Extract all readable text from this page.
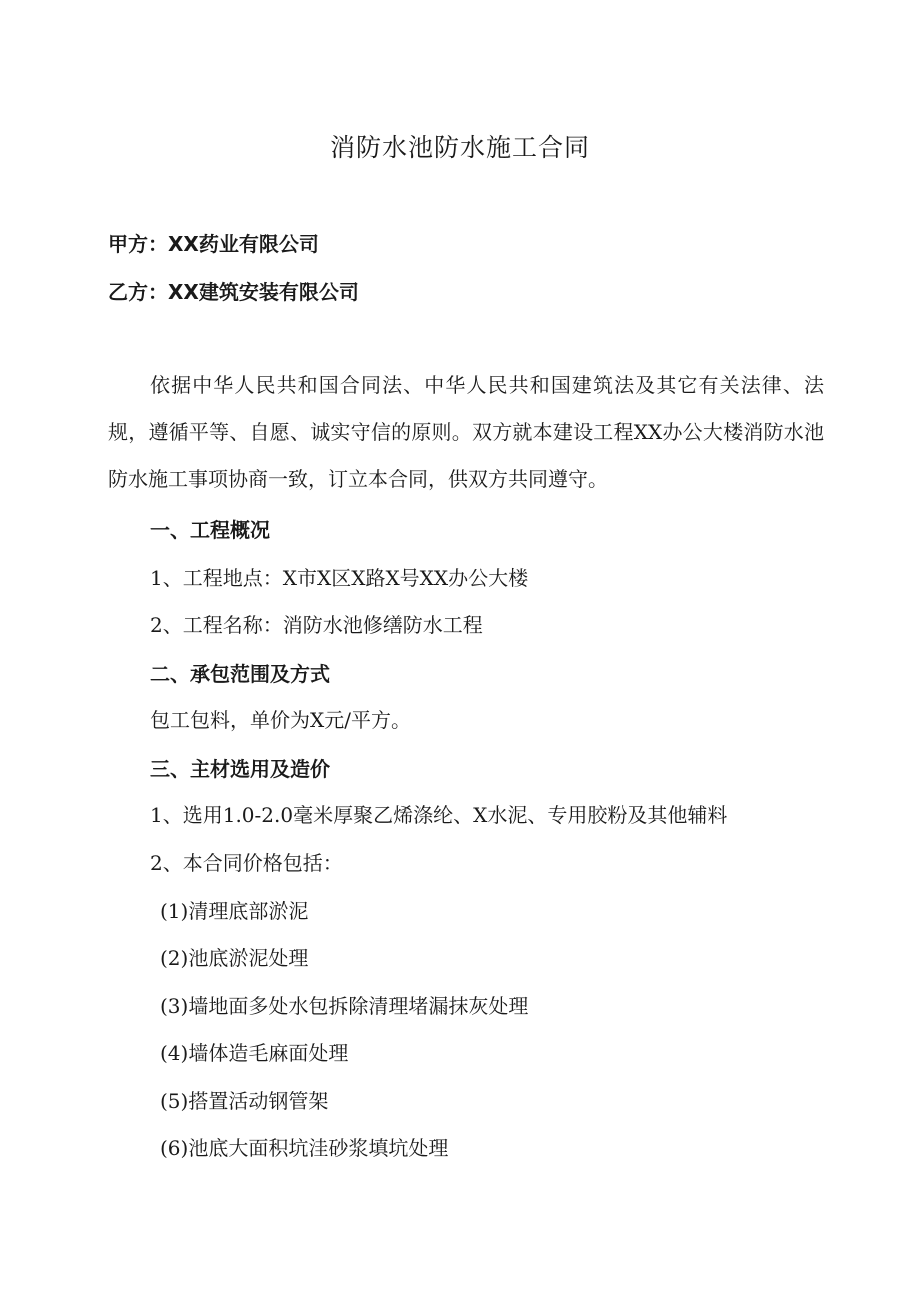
消防水池防水施工合同
甲方：XX药业有限公司
乙方：XX建筑安装有限公司
依据中华人民共和国合同法、中华人民共和国建筑法及其它有关法律、法规，遵循平等、自愿、诚实守信的原则。双方就本建设工程XX办公大楼消防水池防水施工事项协商一致，订立本合同，供双方共同遵守。
一、工程概况
1、工程地点：X市X区X路X号XX办公大楼
2、工程名称：消防水池修缮防水工程
二、承包范围及方式
包工包料，单价为X元/平方。
三、主材选用及造价
1、选用1.0-2.0毫米厚聚乙烯涤纶、X水泥、专用胶粉及其他辅料
2、本合同价格包括：
(1)清理底部淤泥
(2)池底淤泥处理
(3)墙地面多处水包拆除清理堵漏抹灰处理
(4)墙体造毛麻面处理
(5)搭置活动钢管架
(6)池底大面积坑洼砂浆填坑处理
